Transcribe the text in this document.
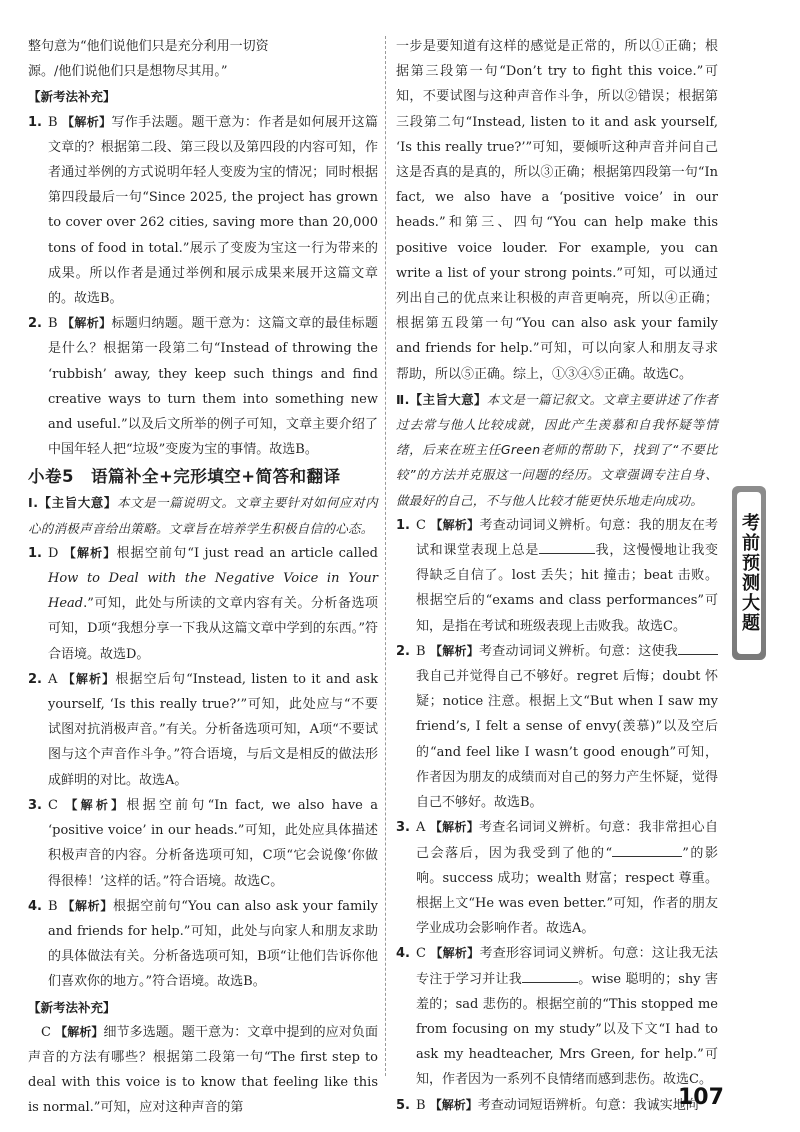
整句意为“他们说他们只是充分利用一切资

源。/他们说他们只是想物尽其用。”

【新考法补充】

1. B 【解析】写作手法题。题干意为：作者是如何展开这篇文章的？根据第二段、第三段以及第四段的内容可知，作者通过举例的方式说明年轻人变废为宝的情况；同时根据第四段最后一句“Since 2025, the project has grown to cover over 262 cities, saving more than 20,000 tons of food in total.”展示了变废为宝这一行为带来的成果。所以作者是通过举例和展示成果来展开这篇文章的。故选B。

2. B 【解析】标题归纳题。题干意为：这篇文章的最佳标题是什么？根据第一段第二句“Instead of throwing the ‘rubbish’ away, they keep such things and find creative ways to turn them into something new and useful.”以及后文所举的例子可知，文章主要介绍了中国年轻人把“垃圾”变废为宝的事情。故选B。

小卷5　语篇补全+完形填空+简答和翻译

Ⅰ.【主旨大意】本文是一篇说明文。文章主要针对如何应对内心的消极声音给出策略。文章旨在培养学生积极自信的心态。

1. D 【解析】根据空前句“I just read an article called How to Deal with the Negative Voice in Your Head.”可知，此处与所读的文章内容有关。分析备选项可知，D项“我想分享一下我从这篇文章中学到的东西。”符合语境。故选D。

2. A 【解析】根据空后句“Instead, listen to it and ask yourself, ‘Is this really true?’”可知，此处应与“不要试图对抗消极声音。”有关。分析备选项可知，A项“不要试图与这个声音作斗争。”符合语境，与后文是相反的做法形成鲜明的对比。故选A。

3. C 【解析】根据空前句“In fact, we also have a ‘positive voice’ in our heads.”可知，此处应具体描述积极声音的内容。分析备选项可知，C项“它会说像‘你做得很棒！’这样的话。”符合语境。故选C。

4. B 【解析】根据空前句“You can also ask your family and friends for help.”可知，此处与向家人和朋友求助的具体做法有关。分析备选项可知，B项“让他们告诉你他们喜欢你的地方。”符合语境。故选B。

【新考法补充】

C 【解析】细节多选题。题干意为：文章中提到的应对负面声音的方法有哪些？根据第二段第一句“The first step to deal with this voice is to know that feeling like this is normal.”可知，应对这种声音的第

一步是要知道有这样的感觉是正常的，所以①正确；根据第三段第一句“Don’t try to fight this voice.”可知，不要试图与这种声音作斗争，所以②错误；根据第三段第二句“Instead, listen to it and ask yourself, ‘Is this really true?’”可知，要倾听这种声音并问自己这是否真的是真的，所以③正确；根据第四段第一句“In fact, we also have a ‘positive voice’ in our heads.”和第三、四句“You can help make this positive voice louder. For example, you can write a list of your strong points.”可知，可以通过列出自己的优点来让积极的声音更响亮，所以④正确；根据第五段第一句“You can also ask your family and friends for help.”可知，可以向家人和朋友寻求帮助，所以⑤正确。综上，①③④⑤正确。故选C。

Ⅱ.【主旨大意】本文是一篇记叙文。文章主要讲述了作者过去常与他人比较成就，因此产生羡慕和自我怀疑等情绪，后来在班主任Green老师的帮助下，找到了“不要比较”的方法并克服这一问题的经历。文章强调专注自身、做最好的自己，不与他人比较才能更快乐地走向成功。

1. C 【解析】考查动词词义辨析。句意：我的朋友在考试和课堂表现上总是	我，这慢慢地让我变得缺乏自信了。lost 丢失；hit 撞击；beat 击败。根据空后的“exams and class performances”可知，是指在考试和班级表现上击败我。故选C。

2. B 【解析】考查动词词义辨析。句意：这使我我自己并觉得自己不够好。regret 后悔；doubt 怀疑；notice 注意。根据上文“But when I saw my friend’s, I felt a sense of envy(羡慕)”以及空后的“and feel like I wasn’t good enough”可知，作者因为朋友的成绩而对自己的努力产生怀疑，觉得自己不够好。故选B。

3. A 【解析】考查名词词义辨析。句意：我非常担心自己会落后，因为我受到了他的“	”的影响。success 成功；wealth 财富；respect 尊重。根据上文“He was even better.”可知，作者的朋友学业成功会影响作者。故选A。

4. C 【解析】考查形容词词义辨析。句意：这让我无法专注于学习并让我	。wise 聪明的；shy 害羞的；sad 悲伤的。根据空前的“This stopped me from focusing on my study”以及下文“I had to ask my headteacher, Mrs Green, for help.”可知，作者因为一系列不良情绪而感到悲伤。故选C。

5. B 【解析】考查动词短语辨析。句意：我诚实地向

考前预测大题
107
